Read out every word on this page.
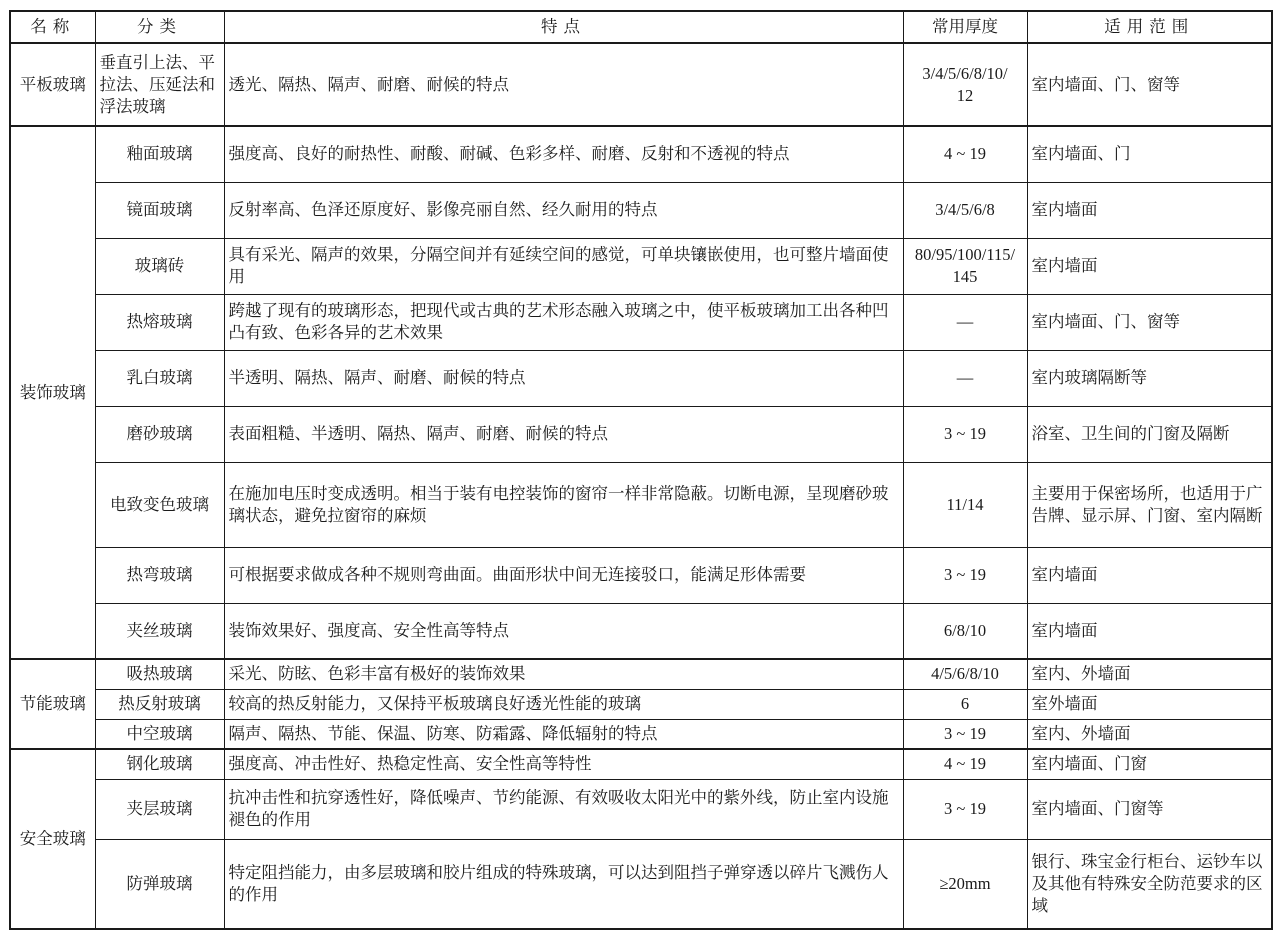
名称	分类	特点	常用厚度	适用范围
平板玻璃	垂直引上法、平拉法、压延法和浮法玻璃	透光、隔热、隔声、耐磨、耐候的特点	3/4/5/6/8/10/12	室内墙面、门、窗等
装饰玻璃	釉面玻璃	强度高、良好的耐热性、耐酸、耐碱、色彩多样、耐磨、反射和不透视的特点	4 ~ 19	室内墙面、门
	镜面玻璃	反射率高、色泽还原度好、影像亮丽自然、经久耐用的特点	3/4/5/6/8	室内墙面
	玻璃砖	具有采光、隔声的效果，分隔空间并有延续空间的感觉，可单块镶嵌使用，也可整片墙面使用	80/95/100/115/145	室内墙面
	热熔玻璃	跨越了现有的玻璃形态，把现代或古典的艺术形态融入玻璃之中，使平板玻璃加工出各种凹凸有致、色彩各异的艺术效果	—	室内墙面、门、窗等
	乳白玻璃	半透明、隔热、隔声、耐磨、耐候的特点	—	室内玻璃隔断等
	磨砂玻璃	表面粗糙、半透明、隔热、隔声、耐磨、耐候的特点	3 ~ 19	浴室、卫生间的门窗及隔断
	电致变色玻璃	在施加电压时变成透明。相当于装有电控装饰的窗帘一样非常隐蔽。切断电源，呈现磨砂玻璃状态，避免拉窗帘的麻烦	11/14	主要用于保密场所，也适用于广告牌、显示屏、门窗、室内隔断
	热弯玻璃	可根据要求做成各种不规则弯曲面。曲面形状中间无连接驳口，能满足形体需要	3 ~ 19	室内墙面
	夹丝玻璃	装饰效果好、强度高、安全性高等特点	6/8/10	室内墙面
节能玻璃	吸热玻璃	采光、防眩、色彩丰富有极好的装饰效果	4/5/6/8/10	室内、外墙面
	热反射玻璃	较高的热反射能力，又保持平板玻璃良好透光性能的玻璃	6	室外墙面
	中空玻璃	隔声、隔热、节能、保温、防寒、防霜露、降低辐射的特点	3 ~ 19	室内、外墙面
安全玻璃	钢化玻璃	强度高、冲击性好、热稳定性高、安全性高等特性	4 ~ 19	室内墙面、门窗
	夹层玻璃	抗冲击性和抗穿透性好，降低噪声、节约能源、有效吸收太阳光中的紫外线，防止室内设施褪色的作用	3 ~ 19	室内墙面、门窗等
	防弹玻璃	特定阻挡能力，由多层玻璃和胶片组成的特殊玻璃，可以达到阻挡子弹穿透以碎片飞溅伤人的作用	≥20mm	银行、珠宝金行柜台、运钞车以及其他有特殊安全防范要求的区域
